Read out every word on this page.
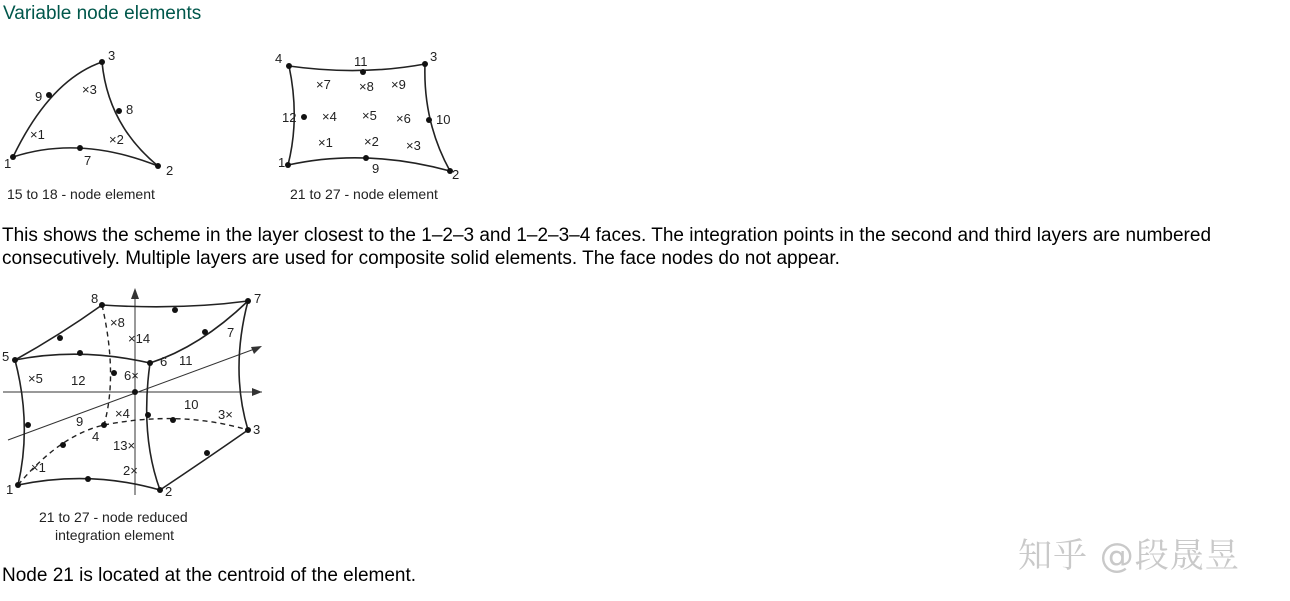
Variable node elements
1	2
3
7
8
9
×1	×2
×3
15 to 18 - node element
1
2
3
4
9
10
11
12
×1 ×2 ×3
×4 ×5 ×6
×7 ×8 ×9
21 to 27 - node element
This shows the scheme in the layer closest to the 1–2–3 and 1–2–3–4 faces. The integration points in the second and third layers are numbered consecutively. Multiple layers are used for composite solid elements. The face nodes do not appear.
1	2
3
4
5	6
7
8
9
10
11
12
×1	2×
3×
×4
×5	6×
7
×8
13×
×14
21 to 27 - node reduced
integration element
Node 21 is located at the centroid of the element.	知乎 @段晟昱
